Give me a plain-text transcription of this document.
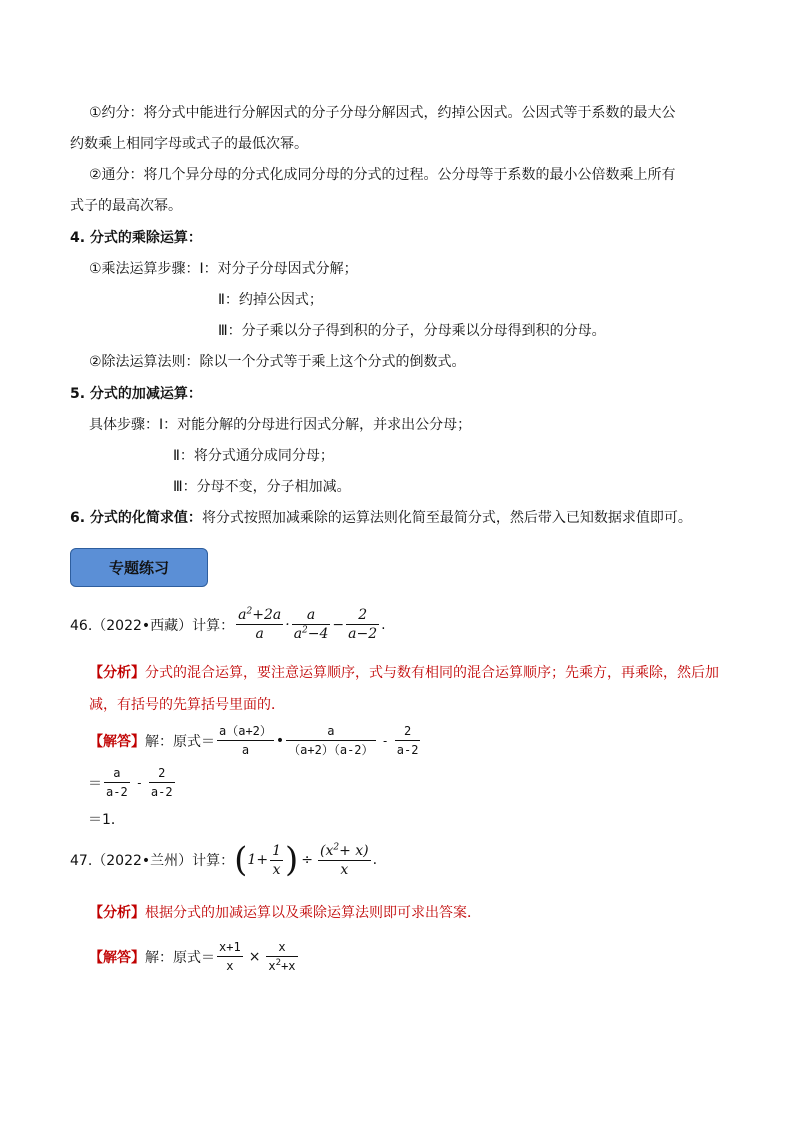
①约分：将分式中能进行分解因式的分子分母分解因式，约掉公因式。公因式等于系数的最大公
约数乘上相同字母或式子的最低次幂。
②通分：将几个异分母的分式化成同分母的分式的过程。公分母等于系数的最小公倍数乘上所有
式子的最高次幂。
4. 分式的乘除运算：
①乘法运算步骤：Ⅰ：对分子分母因式分解；
Ⅱ：约掉公因式；
Ⅲ：分子乘以分子得到积的分子，分母乘以分母得到积的分母。
②除法运算法则：除以一个分式等于乘上这个分式的倒数式。
5. 分式的加减运算：
具体步骤：Ⅰ：对能分解的分母进行因式分解，并求出公分母；
Ⅱ：将分式通分成同分母；
Ⅲ：分母不变，分子相加减。
6. 分式的化简求值：将分式按照加减乘除的运算法则化简至最简分式，然后带入已知数据求值即可。
专题练习
46.（2022•西藏）计算： $\frac{a^2+2a}{a} \cdot \frac{a}{a^2-4} - \frac{2}{a-2}$ .
【分析】分式的混合运算，要注意运算顺序，式与数有相同的混合运算顺序；先乘方，再乘除，然后加
减，有括号的先算括号里面的．
【解答】 解：原式＝ $\frac{a(a+2)}{a}$ • $\frac{a}{(a+2)(a-2)} - \frac{2}{a-2}$
＝ $\frac{a}{a-2} - \frac{2}{a-2}$
＝1．
47.（2022•兰州）计算： ( $1+ \frac{1}{x}$ ) ÷ $\frac{(x^2+ x)}{x}$ .
【分析】根据分式的加减运算以及乘除运算法则即可求出答案．
【解答】 解：原式＝ $\frac{x+1}{x} \times \frac{x}{x^2+x}$
